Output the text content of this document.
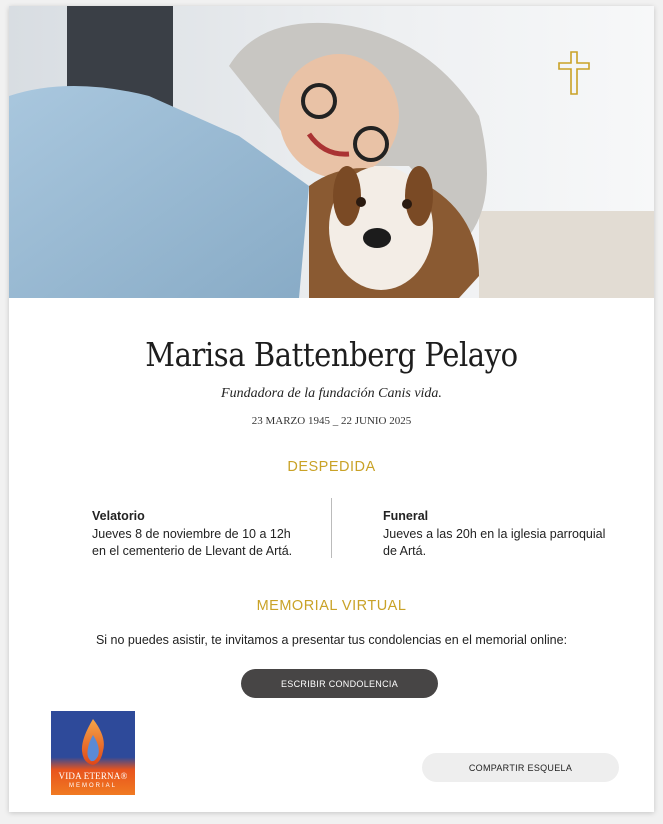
Marisa Battenberg Pelayo

Fundadora de la fundación Canis vida.

23 MARZO 1945 _ 22 JUNIO 2025
DESPEDIDA
Velatorio
Jueves 8 de noviembre de 10 a 12h
en el cementerio de Llevant de Artá.
Funeral
Jueves a las 20h en la iglesia parroquial
de Artá.
MEMORIAL VIRTUAL
Si no puedes asistir, te invitamos a presentar tus condolencias en el memorial online:
ESCRIBIR CONDOLENCIA
VIDA ETERNA®
MEMORIAL
COMPARTIR ESQUELA
